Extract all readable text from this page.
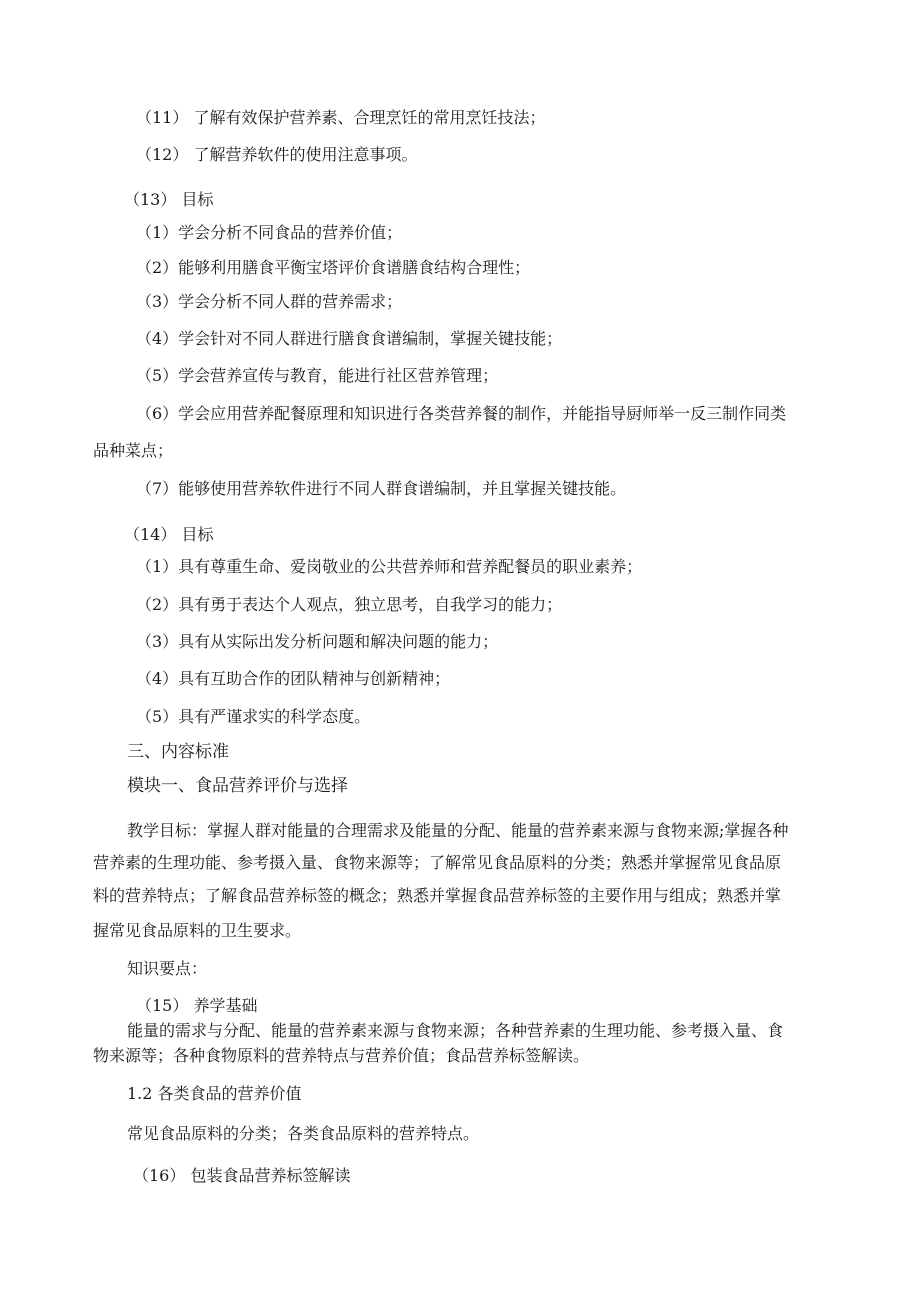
（11） 了解有效保护营养素、合理烹饪的常用烹饪技法；
（12） 了解营养软件的使用注意事项。
（13） 目标
（1）学会分析不同食品的营养价值；
（2）能够利用膳食平衡宝塔评价食谱膳食结构合理性；
（3）学会分析不同人群的营养需求；
（4）学会针对不同人群进行膳食食谱编制，掌握关键技能；
（5）学会营养宣传与教育，能进行社区营养管理；
（6）学会应用营养配餐原理和知识进行各类营养餐的制作，并能指导厨师举一反三制作同类
品种菜点；
（7）能够使用营养软件进行不同人群食谱编制，并且掌握关键技能。
（14） 目标
（1）具有尊重生命、爱岗敬业的公共营养师和营养配餐员的职业素养；
（2）具有勇于表达个人观点，独立思考，自我学习的能力；
（3）具有从实际出发分析问题和解决问题的能力；
（4）具有互助合作的团队精神与创新精神；
（5）具有严谨求实的科学态度。
三、内容标准
模块一、食品营养评价与选择
教学目标：掌握人群对能量的合理需求及能量的分配、能量的营养素来源与食物来源;掌握各种
营养素的生理功能、参考摄入量、食物来源等；了解常见食品原料的分类；熟悉并掌握常见食品原
料的营养特点；了解食品营养标签的概念；熟悉并掌握食品营养标签的主要作用与组成；熟悉并掌
握常见食品原料的卫生要求。
知识要点：
（15） 养学基础
能量的需求与分配、能量的营养素来源与食物来源；各种营养素的生理功能、参考摄入量、食
物来源等；各种食物原料的营养特点与营养价值；食品营养标签解读。
1.2 各类食品的营养价值
常见食品原料的分类；各类食品原料的营养特点。
（16） 包装食品营养标签解读
